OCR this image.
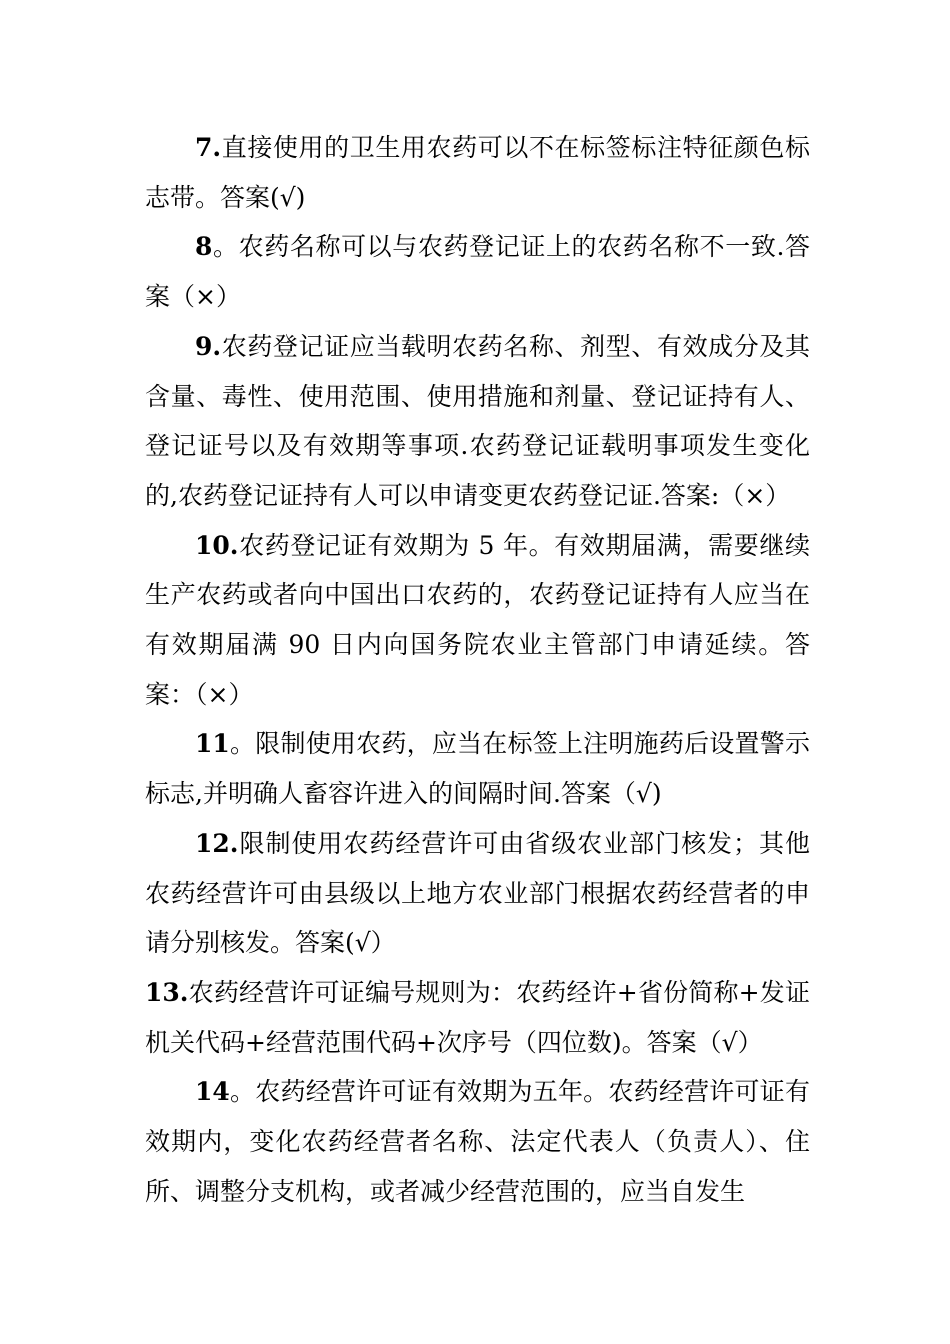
7.直接使用的卫生用农药可以不在标签标注特征颜色标志带。答案(√)

8。农药名称可以与农药登记证上的农药名称不一致.答案（×）

9.农药登记证应当载明农药名称、剂型、有效成分及其含量、毒性、使用范围、使用措施和剂量、登记证持有人、登记证号以及有效期等事项.农药登记证载明事项发生变化的,农药登记证持有人可以申请变更农药登记证.答案:（×）

10.农药登记证有效期为 5 年。有效期届满，需要继续生产农药或者向中国出口农药的，农药登记证持有人应当在有效期届满 90 日内向国务院农业主管部门申请延续。答案：（×）

11。限制使用农药，应当在标签上注明施药后设置警示标志,并明确人畜容许进入的间隔时间.答案（√)

12.限制使用农药经营许可由省级农业部门核发；其他农药经营许可由县级以上地方农业部门根据农药经营者的申请分别核发。答案(√）

13.农药经营许可证编号规则为：农药经许+省份简称+发证机关代码+经营范围代码+次序号（四位数)。答案（√）

14。农药经营许可证有效期为五年。农药经营许可证有效期内，变化农药经营者名称、法定代表人（负责人）、住所、调整分支机构，或者减少经营范围的，应当自发生
